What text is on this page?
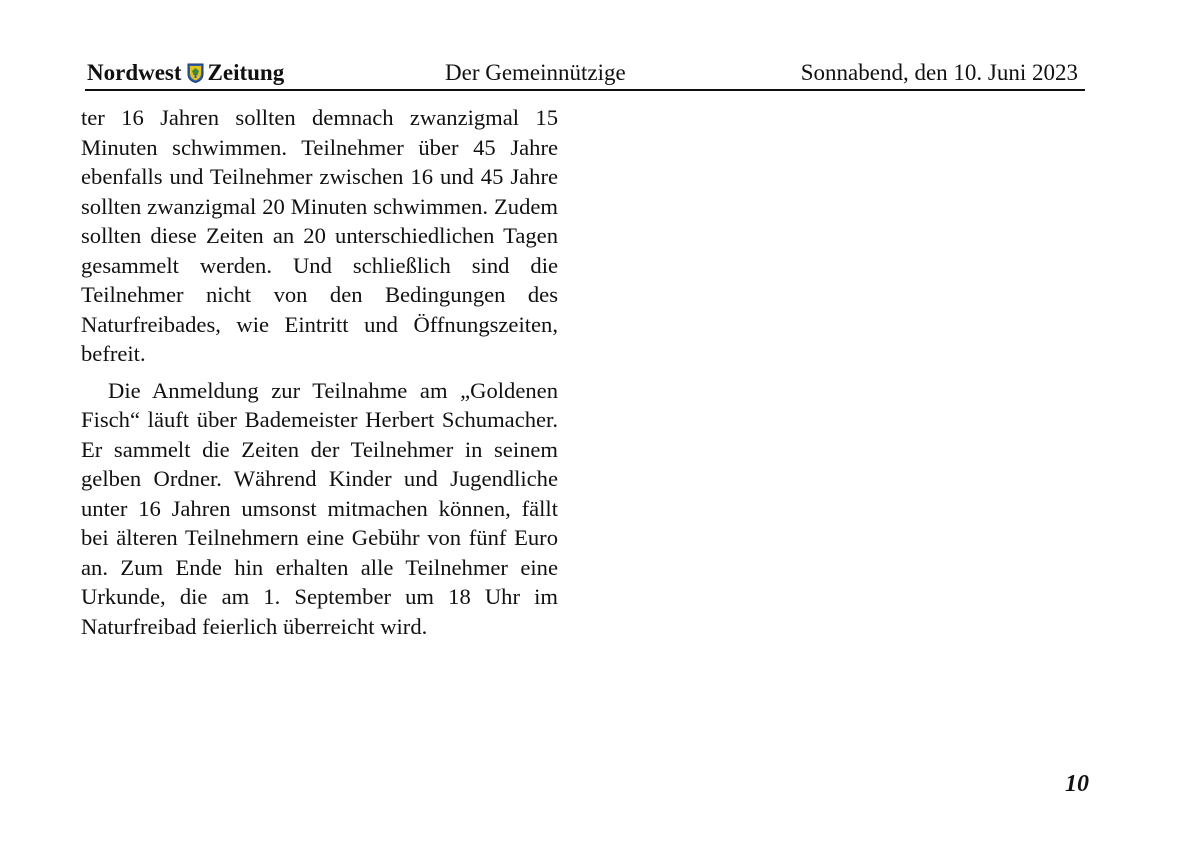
Nordwest Zeitung	Der Gemeinnützige	Sonnabend, den 10. Juni 2023

ter 16 Jahren sollten demnach zwanzigmal 15 Minuten schwimmen. Teilnehmer über 45 Jahre ebenfalls und Teilnehmer zwischen 16 und 45 Jahre sollten zwanzigmal 20 Minuten schwimmen. Zudem sollten diese Zeiten an 20 unterschiedlichen Tagen gesammelt werden. Und schließlich sind die Teilnehmer nicht von den Bedingungen des Naturfreibades, wie Eintritt und Öffnungszeiten, befreit.

Die Anmeldung zur Teilnahme am „Goldenen Fisch“ läuft über Bademeister Herbert Schumacher. Er sammelt die Zeiten der Teilnehmer in seinem gelben Ordner. Während Kinder und Jugendliche unter 16 Jahren umsonst mitmachen können, fällt bei älteren Teilnehmern eine Gebühr von fünf Euro an. Zum Ende hin erhalten alle Teilnehmer eine Urkunde, die am 1. September um 18 Uhr im Naturfreibad feierlich überreicht wird.

10
